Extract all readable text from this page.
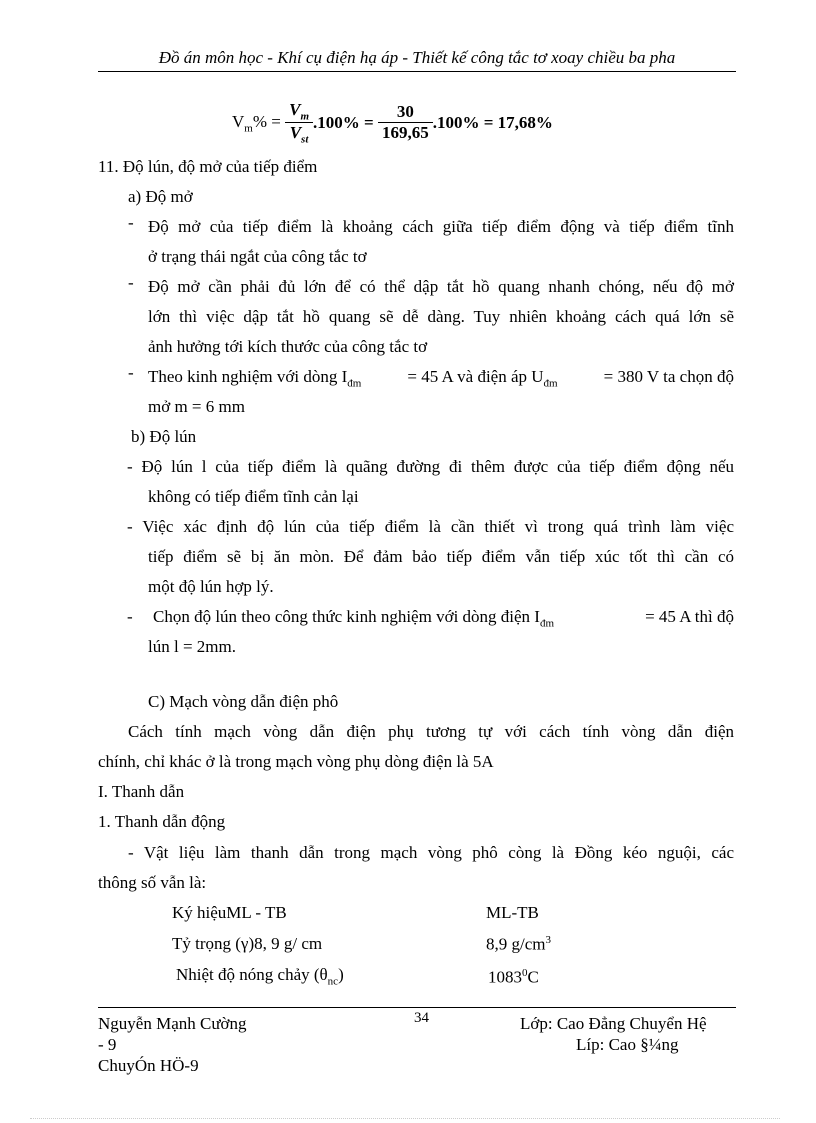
Đồ án môn học - Khí cụ điện hạ áp - Thiết kế công tắc tơ xoay chiều ba pha
$V_m\% = \frac{V_m}{V_{st}} .100\% = \frac{30}{169,65} .100\% = 17,68\%$
11. Độ lún, độ mở của tiếp điểm
a) Độ mở
- Độ mở của tiếp điểm là khoảng cách giữa tiếp điểm động và tiếp điểm tĩnh
ở trạng thái ngắt của công tắc tơ
- Độ mở cần phải đủ lớn để có thể dập tắt hồ quang nhanh chóng, nếu độ mở
lớn thì việc dập tắt hồ quang sẽ dễ dàng. Tuy nhiên khoảng cách quá lớn sẽ
ảnh hưởng tới kích thước của công tắc tơ
- Theo kinh nghiệm với dòng $I_{đm}$	= 45 A và điện áp $U_{đm}$	= 380 V ta chọn độ
mở m = 6 mm
b) Độ lún
- Độ lún l của tiếp điểm là quãng đường đi thêm được của tiếp điểm động nếu
không có tiếp điểm tĩnh cản lại
- Việc xác định độ lún của tiếp điểm là cần thiết vì trong quá trình làm việc
tiếp điểm sẽ bị ăn mòn. Để đảm bảo tiếp điểm vẫn tiếp xúc tốt thì cần có
một độ lún hợp lý.
- Chọn độ lún theo công thức kinh nghiệm với dòng điện $I_{đm}$	= 45 A thì độ
lún l = 2mm.
C) Mạch vòng dẫn điện phô
Cách tính mạch vòng dẫn điện phụ tương tự với cách tính vòng dẫn điện
chính, chỉ khác ở là trong mạch vòng phụ dòng điện là 5A
I. Thanh dẫn
1. Thanh dẫn động
- Vật liệu làm thanh dẫn trong mạch vòng phô còng là Đồng kéo nguội, các
thông số vẫn là:
Ký hiệuML - TB	ML-TB
Tỷ trọng (γ)8, 9 g/ cm	8,9 $g/cm^3$
Nhiệt độ nóng chảy $(\theta_{nc})$	1083$^0$C
Nguyễn Mạnh Cường
- 9
ChuyÓn HÖ-9
34	Lớp: Cao Đẳng Chuyển Hệ
Líp: Cao §¼ng
